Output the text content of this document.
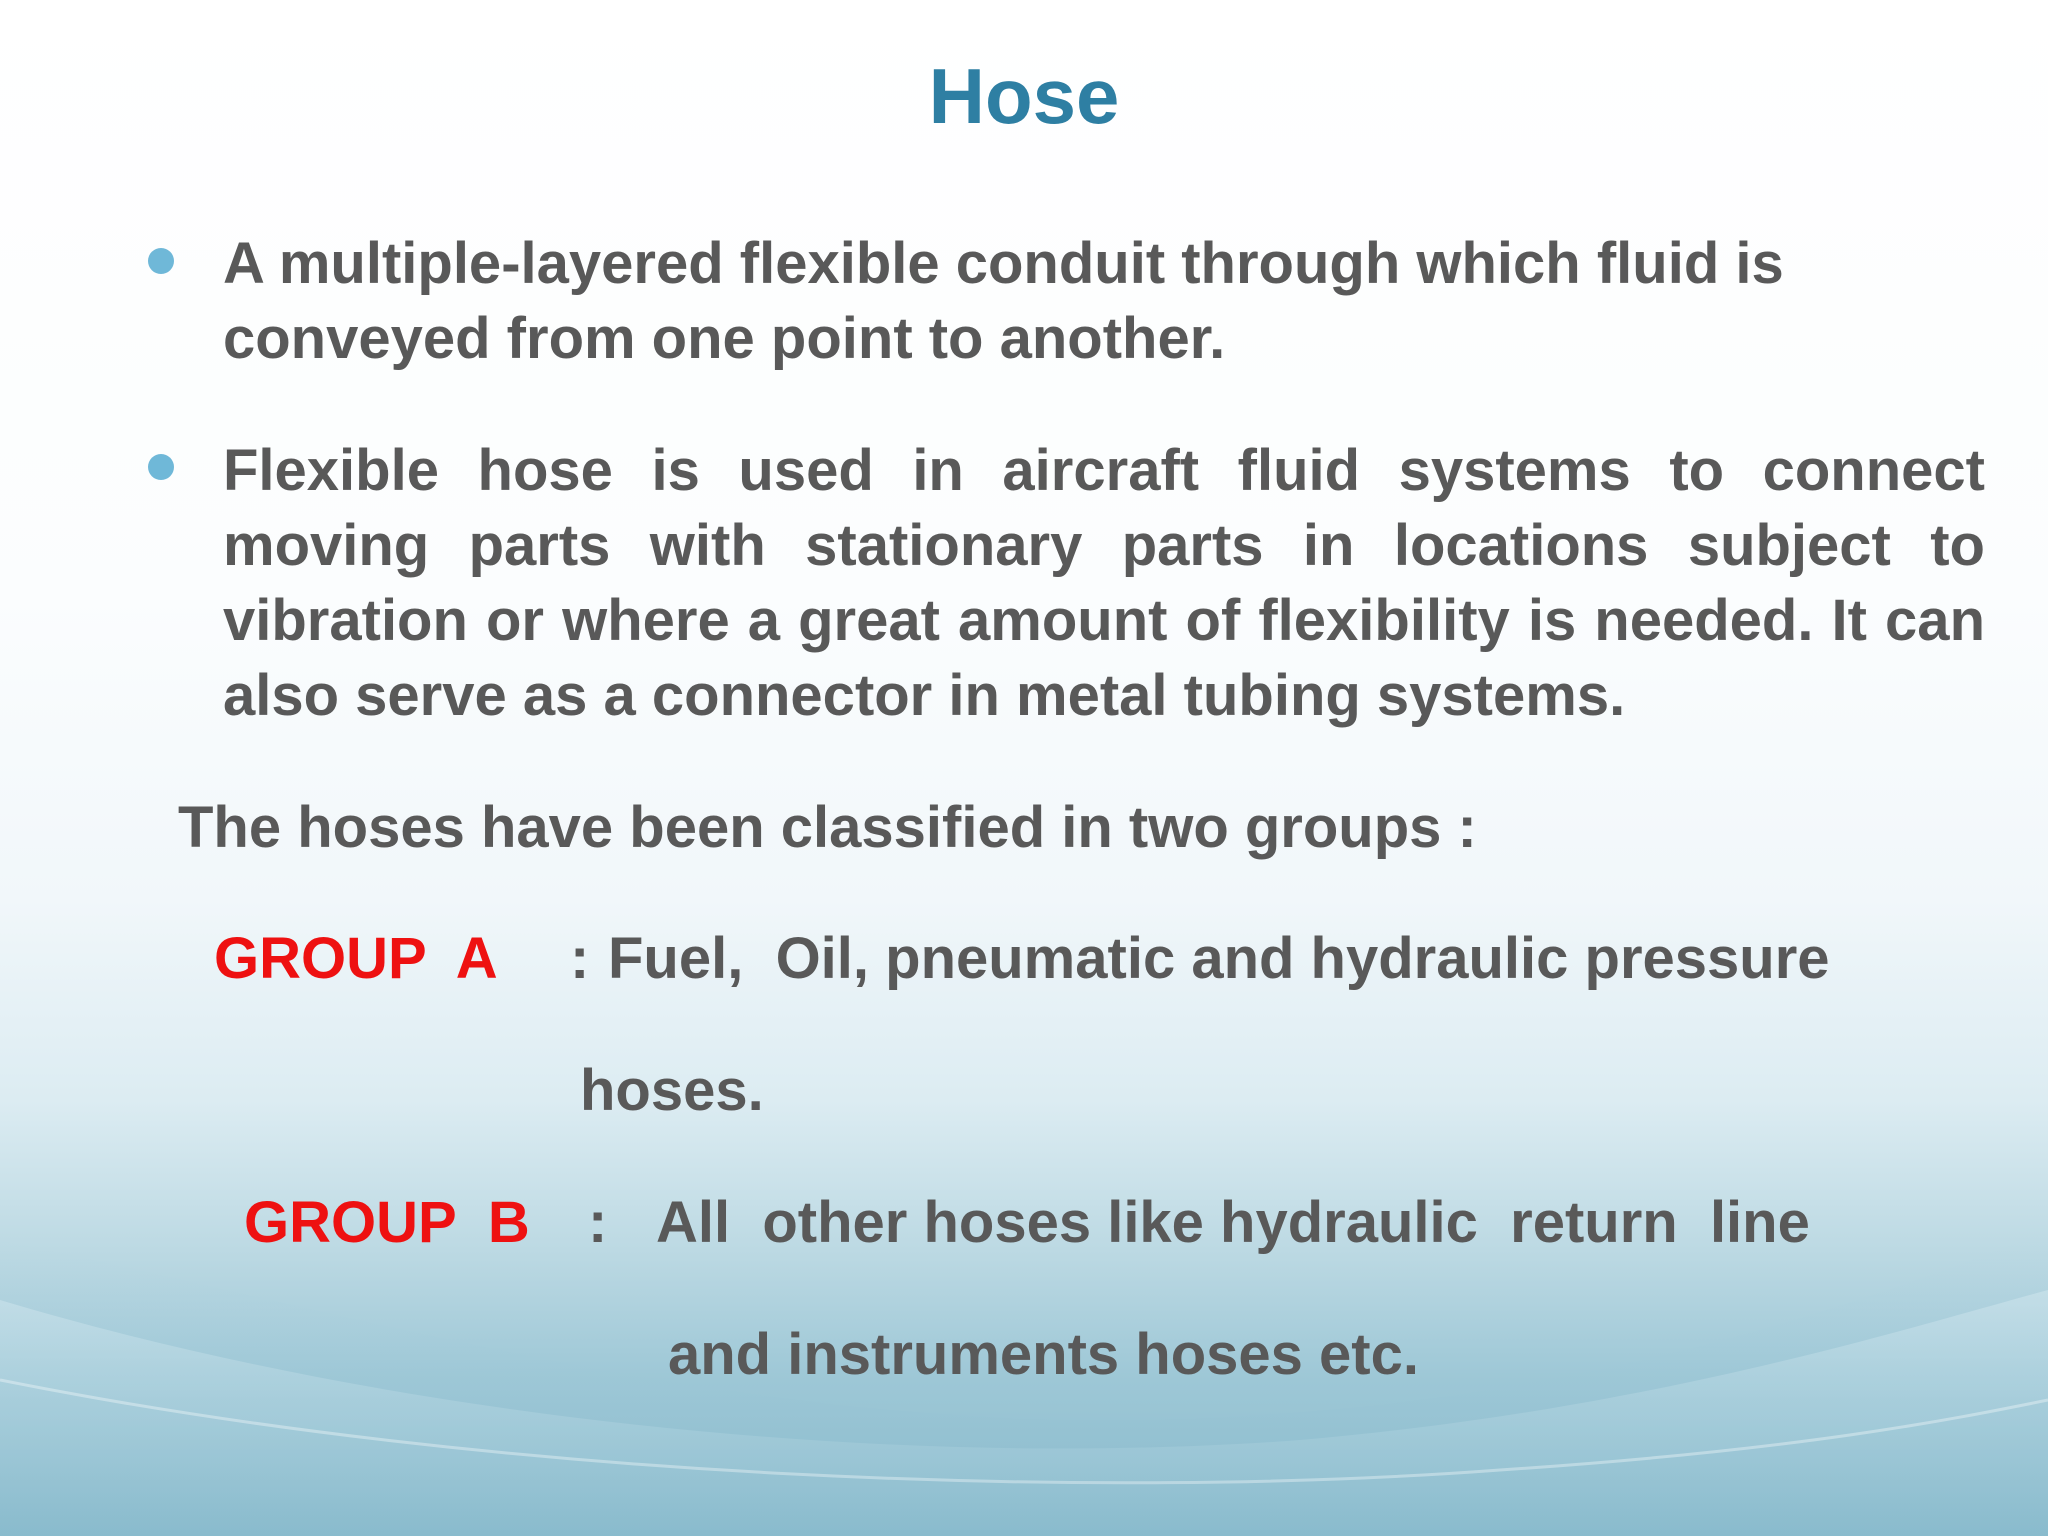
Hose
A multiple-layered flexible conduit through which fluid is conveyed from one point to another.
Flexible hose is used in aircraft fluid systems to connect moving parts with stationary parts in locations subject to vibration or where a great amount of flexibility is needed. It can also serve as a connector in metal tubing systems.
The hoses have been classified in two groups :
GROUP  A : Fuel,  Oil, pneumatic and hydraulic pressure
hoses.
GROUP  B : All  other hoses like hydraulic  return  line
and instruments hoses etc.
